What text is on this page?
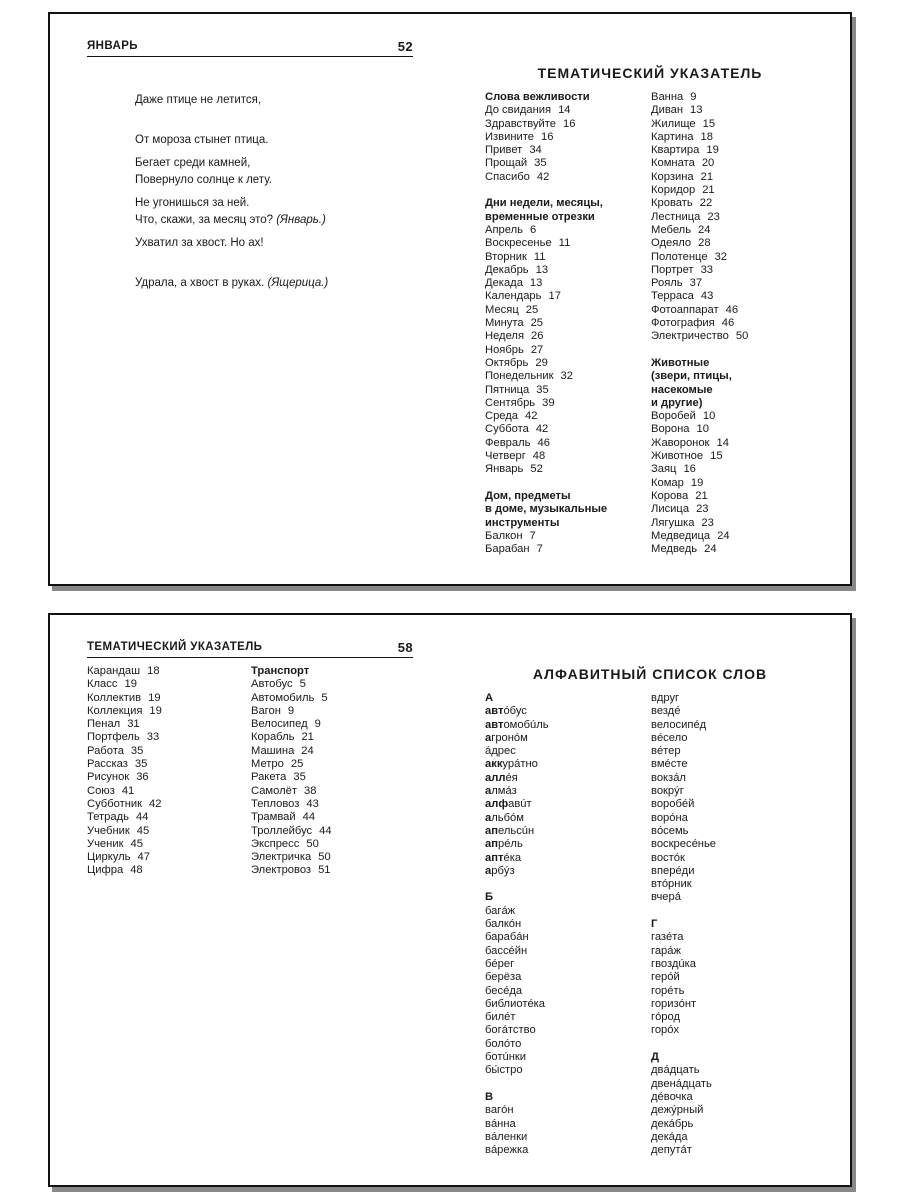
ЯНВАРЬ	52

Даже птице не летится,

От мороза стынет птица.

Повернуло солнце к лету.

Что, скажи, за месяц это? (Январь.)

Бегает среди камней,

Не угонишься за ней.

Ухватил за хвост. Но ах!

Удрала, а хвост в руках. (Ящерица.)

ТЕМАТИЧЕСКИЙ УКАЗАТЕЛЬ
Слова вежливости
До свидания 14
Здравствуйте 16
Извините 16
Привет 34
Прощай 35
Спасибо 42
Дни недели, месяцы,
временные отрезки
Апрель 6
Воскресенье 11
Вторник 11
Декабрь 13
Декада 13
Календарь 17
Месяц 25
Минута 25
Неделя 26
Ноябрь 27
Октябрь 29
Понедельник 32
Пятница 35
Сентябрь 39
Среда 42
Суббота 42
Февраль 46
Четверг 48
Январь 52
Дом, предметы
в доме, музыкальные
инструменты
Балкон 7
Барабан 7
Ванна 9
Диван 13
Жилище 15
Картина 18
Квартира 19
Комната 20
Корзина 21
Коридор 21
Кровать 22
Лестница 23
Мебель 24
Одеяло 28
Полотенце 32
Портрет 33
Рояль 37
Терраса 43
Фотоаппарат 46
Фотография 46
Электричество 50
Животные
(звери, птицы,
насекомые
и другие)
Воробей 10
Ворона 10
Жаворонок 14
Животное 15
Заяц 16
Комар 19
Корова 21
Лисица 23
Лягушка 23
Медведица 24
Медведь 24
ТЕМАТИЧЕСКИЙ УКАЗАТЕЛЬ	58
Карандаш 18
Класс 19
Коллектив 19
Коллекция 19
Пенал 31
Портфель 33
Работа 35
Рассказ 35
Рисунок 36
Союз 41
Субботник 42
Тетрадь 44
Учебник 45
Ученик 45
Циркуль 47
Цифра 48
Транспорт
Автобус 5
Автомобиль 5
Вагон 9
Велосипед 9
Корабль 21
Машина 24
Метро 25
Ракета 35
Самолёт 38
Тепловоз 43
Трамвай 44
Троллейбус 44
Экспресс 50
Электричка 50
Электровоз 51
АЛФАВИТНЫЙ СПИСОК СЛОВ
А
автóбус
автомобúль
агронóм
áдрес
аккурáтно
аллéя
алмáз
алфавúт
альбóм
апельсúн
апрéль
аптéка
арбýз
Б
багáж
балкóн
барабáн
бассéйн
бéрег
берёза
бесéда
библиотéка
билéт
богáтство
болóто
ботúнки
бы́стро
В
вагóн
вáнна
вáленки
вáрежка
вдруг
вездé
велосипéд
вéсело
вéтер
вмéсте
вокзáл
вокрýг
воробéй
ворóна
вóсемь
воскресéнье
востóк
вперéди
втóрник
вчерá
Г
газéта
гарáж
гвоздúка
герóй
горéть
горизóнт
гóрод
горóх
Д
двáдцать
двенáдцать
дéвочка
дежýрный
декáбрь
декáда
депутáт
